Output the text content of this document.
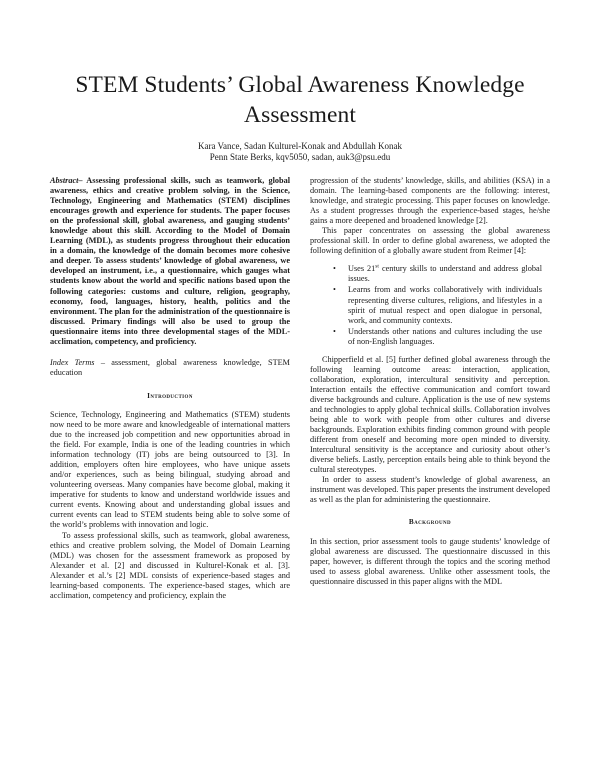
STEM Students’ Global Awareness Knowledge Assessment
Kara Vance, Sadan Kulturel-Konak and Abdullah Konak
Penn State Berks, kqv5050, sadan, auk3@psu.edu

Abstract– Assessing professional skills, such as teamwork, global awareness, ethics and creative problem solving, in the Science, Technology, Engineering and Mathematics (STEM) disciplines encourages growth and experience for students. The paper focuses on the professional skill, global awareness, and gauging students’ knowledge about this skill. According to the Model of Domain Learning (MDL), as students progress throughout their education in a domain, the knowledge of the domain becomes more cohesive and deeper. To assess students’ knowledge of global awareness, we developed an instrument, i.e., a questionnaire, which gauges what students know about the world and specific nations based upon the following categories: customs and culture, religion, geography, economy, food, languages, history, health, politics and the environment. The plan for the administration of the questionnaire is discussed. Primary findings will also be used to group the questionnaire items into three developmental stages of the MDL- acclimation, competency, and proficiency.

Index Terms – assessment, global awareness knowledge, STEM education

Introduction

Science, Technology, Engineering and Mathematics (STEM) students now need to be more aware and knowledgeable of international matters due to the increased job competition and new opportunities abroad in the field. For example, India is one of the leading countries in which information technology (IT) jobs are being outsourced to [3]. In addition, employers often hire employees, who have unique assets and/or experiences, such as being bilingual, studying abroad and volunteering overseas. Many companies have become global, making it imperative for students to know and understand worldwide issues and current events. Knowing about and understanding global issues and current events can lead to STEM students being able to solve some of the world’s problems with innovation and logic.

To assess professional skills, such as teamwork, global awareness, ethics and creative problem solving, the Model of Domain Learning (MDL) was chosen for the assessment framework as proposed by Alexander et al. [2] and discussed in Kulturel-Konak et al. [3]. Alexander et al.’s [2] MDL consists of experience-based stages and learning-based components. The experience-based stages, which are acclimation, competency and proficiency, explain the

progression of the students’ knowledge, skills, and abilities (KSA) in a domain. The learning-based components are the following: interest, knowledge, and strategic processing. This paper focuses on knowledge. As a student progresses through the experience-based stages, he/she gains a more deepened and broadened knowledge [2].

This paper concentrates on assessing the global awareness professional skill. In order to define global awareness, we adopted the following definition of a globally aware student from Reimer [4]:

• Uses 21st century skills to understand and address global issues.
• Learns from and works collaboratively with individuals representing diverse cultures, religions, and lifestyles in a spirit of mutual respect and open dialogue in personal, work, and community contexts.
• Understands other nations and cultures including the use of non-English languages.

Chipperfield et al. [5] further defined global awareness through the following learning outcome areas: interaction, application, collaboration, exploration, intercultural sensitivity and perception. Interaction entails the effective communication and comfort toward diverse backgrounds and culture. Application is the use of new systems and technologies to apply global technical skills. Collaboration involves being able to work with people from other cultures and diverse backgrounds. Exploration exhibits finding common ground with people different from oneself and becoming more open minded to diversity. Intercultural sensitivity is the acceptance and curiosity about other’s diverse beliefs. Lastly, perception entails being able to think beyond the cultural stereotypes.

In order to assess student’s knowledge of global awareness, an instrument was developed. This paper presents the instrument developed as well as the plan for administering the questionnaire.

Background

In this section, prior assessment tools to gauge students’ knowledge of global awareness are discussed. The questionnaire discussed in this paper, however, is different through the topics and the scoring method used to assess global awareness. Unlike other assessment tools, the questionnaire discussed in this paper aligns with the MDL
